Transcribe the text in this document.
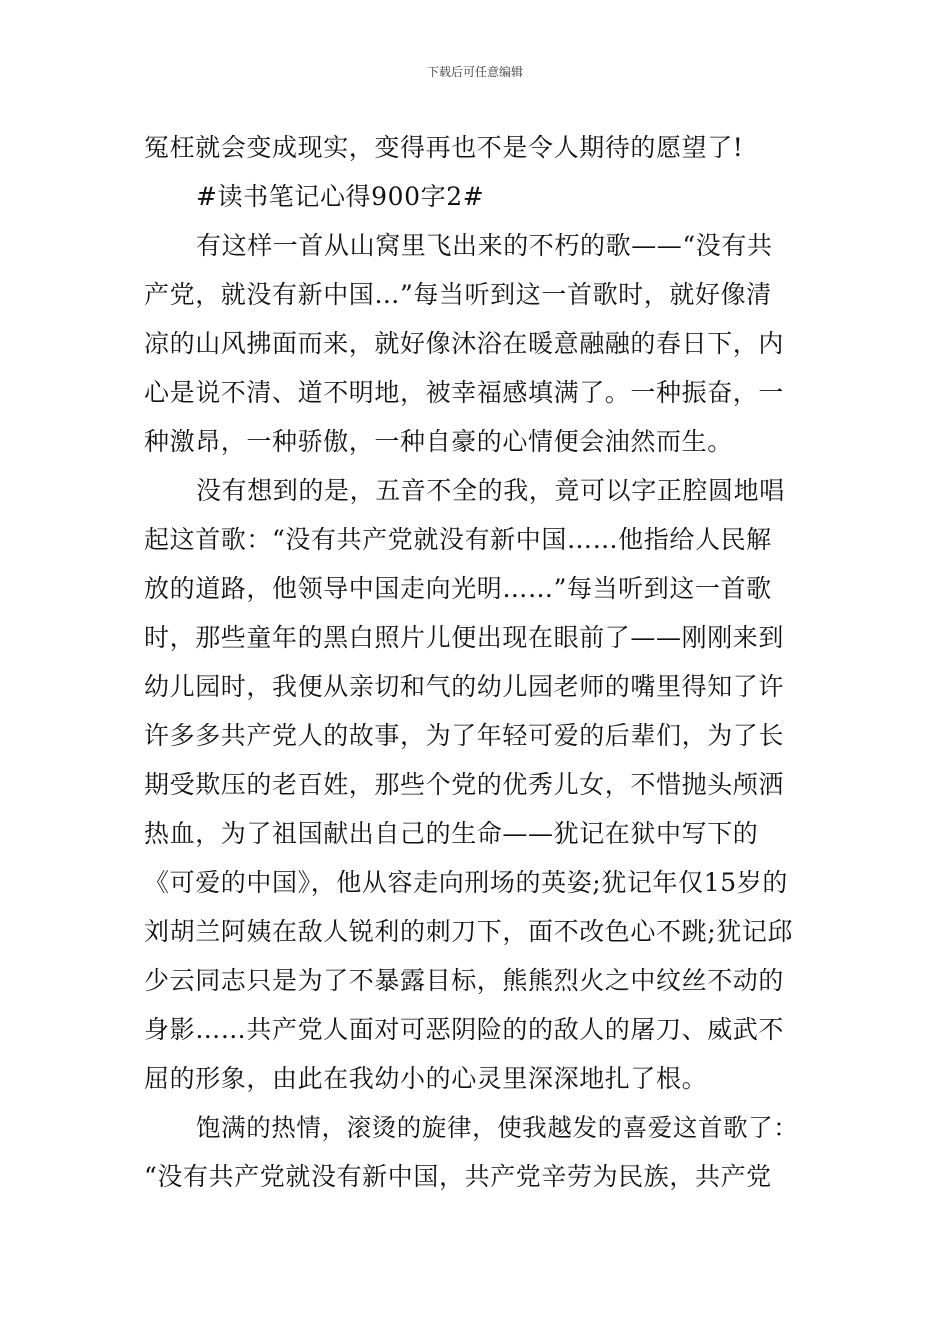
下载后可任意编辑
冤枉就会变成现实，变得再也不是令人期待的愿望了!
#读书笔记心得900字2#
有这样一首从山窝里飞出来的不朽的歌——“没有共
产党，就没有新中国…”每当听到这一首歌时，就好像清
凉的山风拂面而来，就好像沐浴在暖意融融的春日下，内
心是说不清、道不明地，被幸福感填满了。一种振奋，一
种激昂，一种骄傲，一种自豪的心情便会油然而生。
没有想到的是，五音不全的我，竟可以字正腔圆地唱
起这首歌：“没有共产党就没有新中国……他指给人民解
放的道路，他领导中国走向光明……”每当听到这一首歌
时，那些童年的黑白照片儿便出现在眼前了——刚刚来到
幼儿园时，我便从亲切和气的幼儿园老师的嘴里得知了许
许多多共产党人的故事，为了年轻可爱的后辈们，为了长
期受欺压的老百姓，那些个党的优秀儿女，不惜抛头颅洒
热血，为了祖国献出自己的生命——犹记在狱中写下的
《可爱的中国》，他从容走向刑场的英姿;犹记年仅15岁的
刘胡兰阿姨在敌人锐利的刺刀下，面不改色心不跳;犹记邱
少云同志只是为了不暴露目标，熊熊烈火之中纹丝不动的
身影……共产党人面对可恶阴险的的敌人的屠刀、威武不
屈的形象，由此在我幼小的心灵里深深地扎了根。
饱满的热情，滚烫的旋律，使我越发的喜爱这首歌了：
“没有共产党就没有新中国，共产党辛劳为民族，共产党
